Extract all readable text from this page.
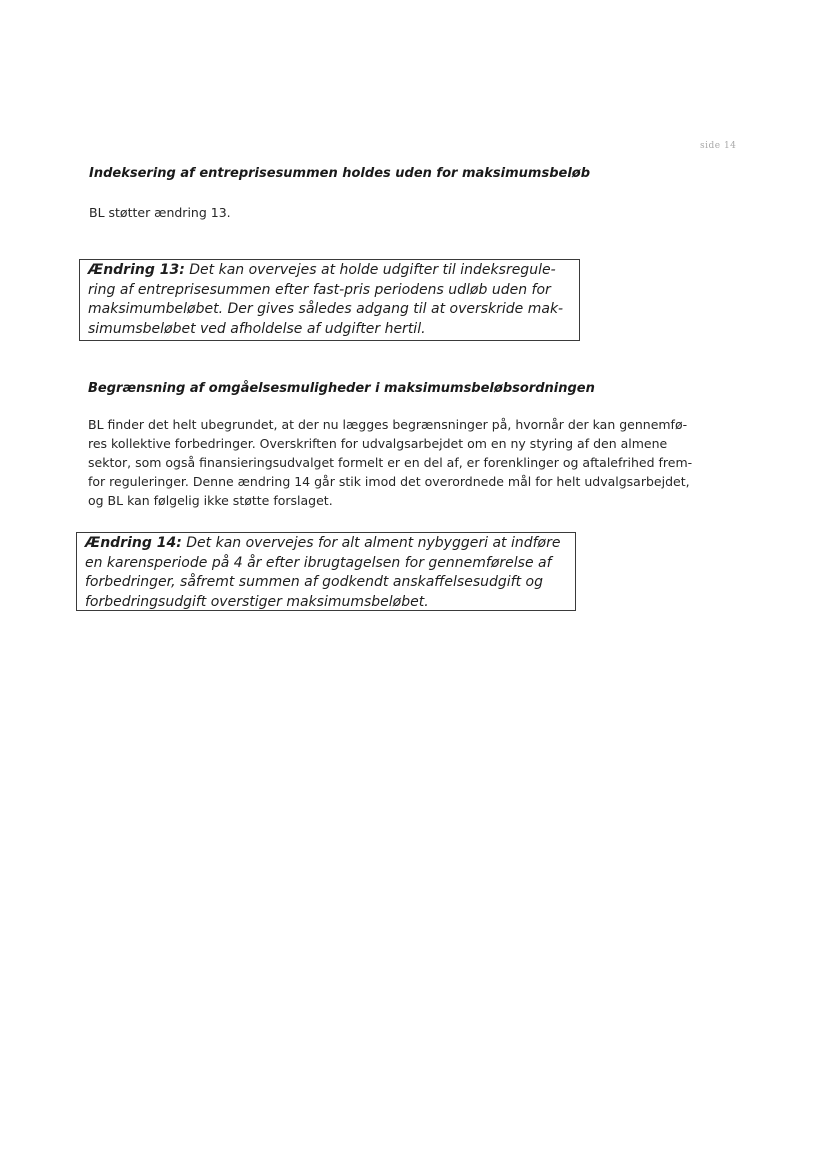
side 14
Indeksering af entreprisesummen holdes uden for maksimumsbeløb
BL støtter ændring 13.
Ændring 13: Det kan overvejes at holde udgifter til indeksregule-
ring af entreprisesummen efter fast-pris periodens udløb uden for
maksimumbeløbet. Der gives således adgang til at overskride mak-
simumsbeløbet ved afholdelse af udgifter hertil.
Begrænsning af omgåelsesmuligheder i maksimumsbeløbsordningen
BL finder det helt ubegrundet, at der nu lægges begrænsninger på, hvornår der kan gennemfø-
res kollektive forbedringer. Overskriften for udvalgsarbejdet om en ny styring af den almene
sektor, som også finansieringsudvalget formelt er en del af, er forenklinger og aftalefrihed frem-
for reguleringer. Denne ændring 14 går stik imod det overordnede mål for helt udvalgsarbejdet,
og BL kan følgelig ikke støtte forslaget.
Ændring 14: Det kan overvejes for alt alment nybyggeri at indføre
en karensperiode på 4 år efter ibrugtagelsen for gennemførelse af
forbedringer, såfremt summen af godkendt anskaffelsesudgift og
forbedringsudgift overstiger maksimumsbeløbet.
